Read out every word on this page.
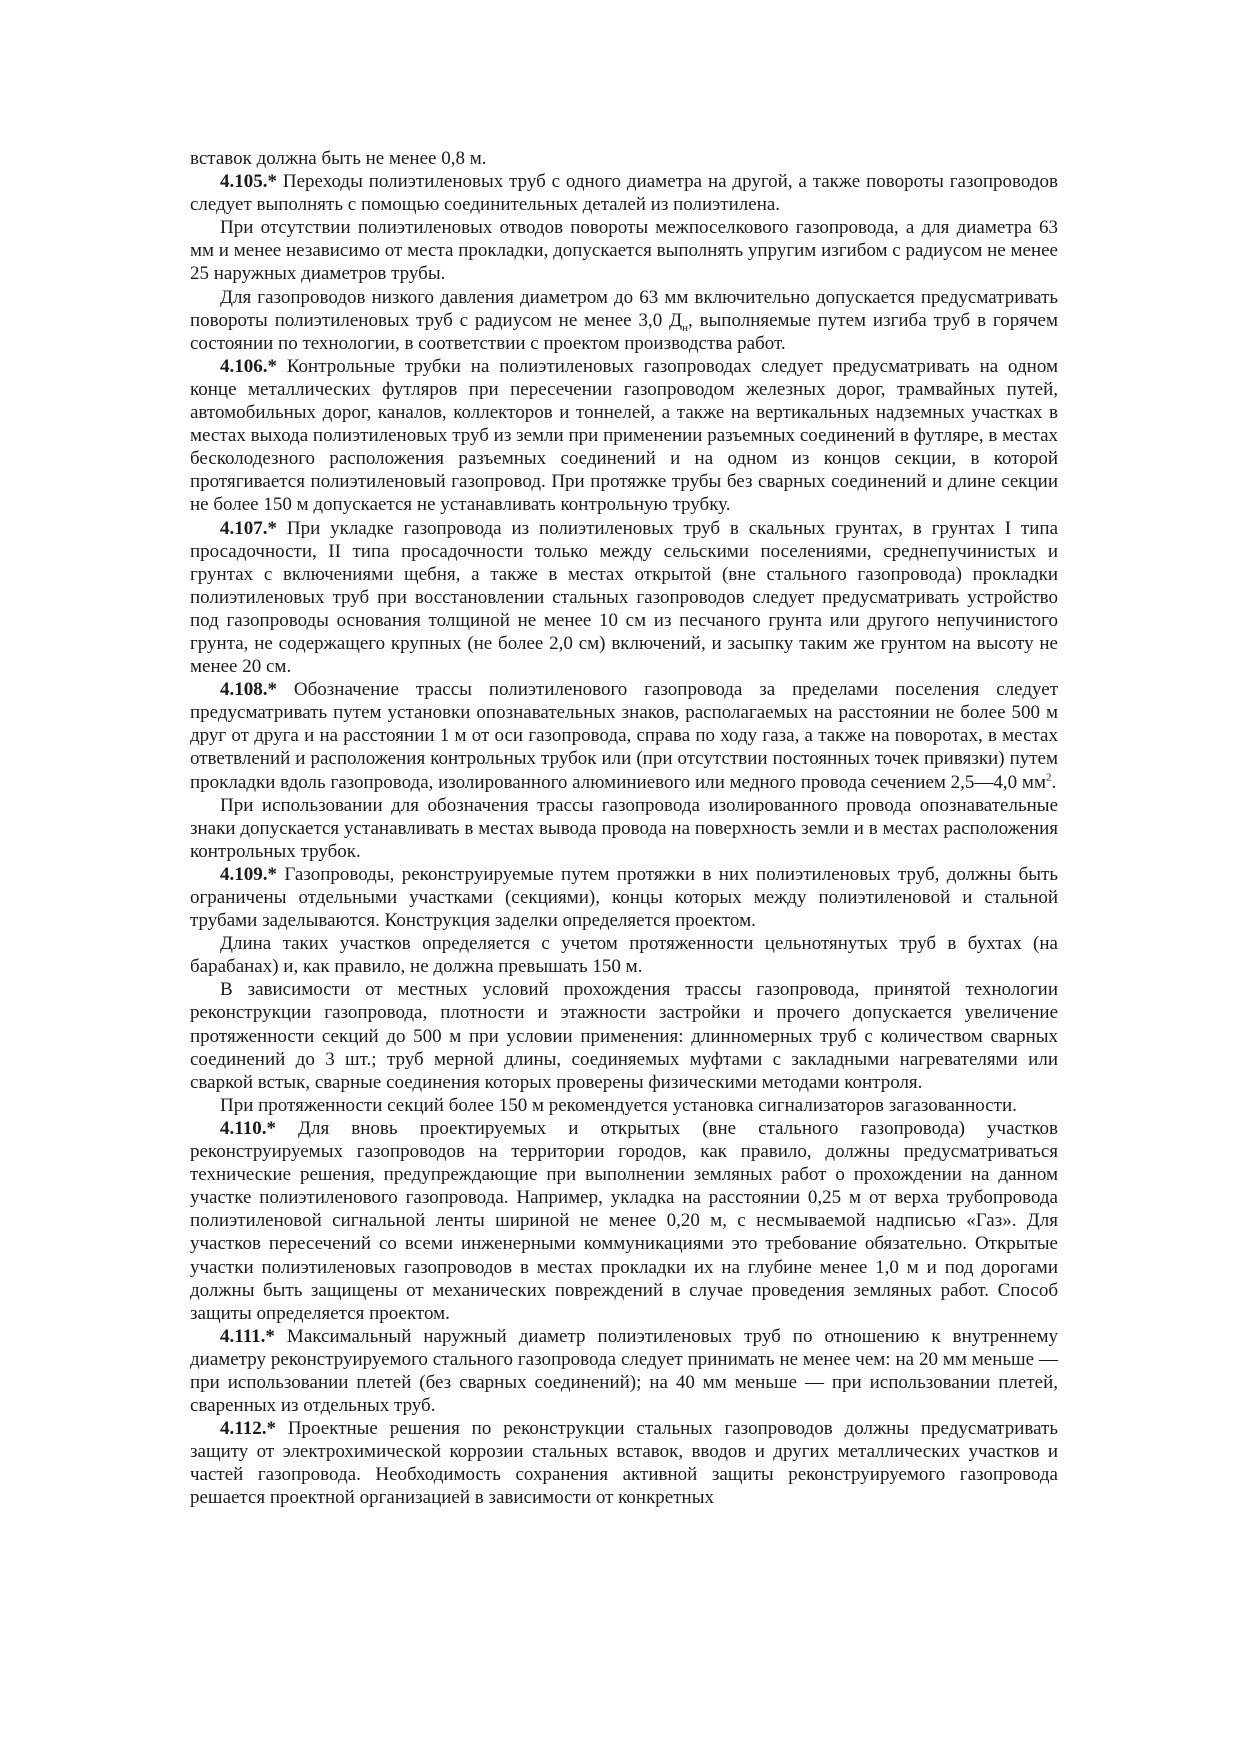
вставок должна быть не менее 0,8 м.

4.105.* Переходы полиэтиленовых труб с одного диаметра на другой, а также повороты газопроводов следует выполнять с помощью соединительных деталей из полиэтилена.

При отсутствии полиэтиленовых отводов повороты межпоселкового газопровода, а для диаметра 63 мм и менее независимо от места прокладки, допускается выполнять упругим изгибом с радиусом не менее 25 наружных диаметров трубы.

Для газопроводов низкого давления диаметром до 63 мм включительно допускается предусматривать повороты полиэтиленовых труб с радиусом не менее 3,0 $Д_н$, выполняемые путем изгиба труб в горячем состоянии по технологии, в соответствии с проектом производства работ.

4.106.* Контрольные трубки на полиэтиленовых газопроводах следует предусматривать на одном конце металлических футляров при пересечении газопроводом железных дорог, трамвайных путей, автомобильных дорог, каналов, коллекторов и тоннелей, а также на вертикальных надземных участках в местах выхода полиэтиленовых труб из земли при применении разъемных соединений в футляре, в местах бесколодезного расположения разъемных соединений и на одном из концов секции, в которой протягивается полиэтиленовый газопровод. При протяжке трубы без сварных соединений и длине секции не более 150 м допускается не устанавливать контрольную трубку.

4.107.* При укладке газопровода из полиэтиленовых труб в скальных грунтах, в грунтах I типа просадочности, II типа просадочности только между сельскими поселениями, среднепучинистых и грунтах с включениями щебня, а также в местах открытой (вне стального газопровода) прокладки полиэтиленовых труб при восстановлении стальных газопроводов следует предусматривать устройство под газопроводы основания толщиной не менее 10 см из песчаного грунта или другого непучинистого грунта, не содержащего крупных (не более 2,0 см) включений, и засыпку таким же грунтом на высоту не менее 20 см.

4.108.* Обозначение трассы полиэтиленового газопровода за пределами поселения следует предусматривать путем установки опознавательных знаков, располагаемых на расстоянии не более 500 м друг от друга и на расстоянии 1 м от оси газопровода, справа по ходу газа, а также на поворотах, в местах ответвлений и расположения контрольных трубок или (при отсутствии постоянных точек привязки) путем прокладки вдоль газопровода, изолированного алюминиевого или медного провода сечением 2,5—4,0 $мм^2$.

При использовании для обозначения трассы газопровода изолированного провода опознавательные знаки допускается устанавливать в местах вывода провода на поверхность земли и в местах расположения контрольных трубок.

4.109.* Газопроводы, реконструируемые путем протяжки в них полиэтиленовых труб, должны быть ограничены отдельными участками (секциями), концы которых между полиэтиленовой и стальной трубами заделываются. Конструкция заделки определяется проектом.

Длина таких участков определяется с учетом протяженности цельнотянутых труб в бухтах (на барабанах) и, как правило, не должна превышать 150 м.

В зависимости от местных условий прохождения трассы газопровода, принятой технологии реконструкции газопровода, плотности и этажности застройки и прочего допускается увеличение протяженности секций до 500 м при условии применения: длинномерных труб с количеством сварных соединений до 3 шт.; труб мерной длины, соединяемых муфтами с закладными нагревателями или сваркой встык, сварные соединения которых проверены физическими методами контроля.

При протяженности секций более 150 м рекомендуется установка сигнализаторов загазованности.

4.110.* Для вновь проектируемых и открытых (вне стального газопровода) участков реконструируемых газопроводов на территории городов, как правило, должны предусматриваться технические решения, предупреждающие при выполнении земляных работ о прохождении на данном участке полиэтиленового газопровода. Например, укладка на расстоянии 0,25 м от верха трубопровода полиэтиленовой сигнальной ленты шириной не менее 0,20 м, с несмываемой надписью «Газ». Для участков пересечений со всеми инженерными коммуникациями это требование обязательно. Открытые участки полиэтиленовых газопроводов в местах прокладки их на глубине менее 1,0 м и под дорогами должны быть защищены от механических повреждений в случае проведения земляных работ. Способ защиты определяется проектом.

4.111.* Максимальный наружный диаметр полиэтиленовых труб по отношению к внутреннему диаметру реконструируемого стального газопровода следует принимать не менее чем: на 20 мм меньше — при использовании плетей (без сварных соединений); на 40 мм меньше — при использовании плетей, сваренных из отдельных труб.

4.112.* Проектные решения по реконструкции стальных газопроводов должны предусматривать защиту от электрохимической коррозии стальных вставок, вводов и других металлических участков и частей газопровода. Необходимость сохранения активной защиты реконструируемого газопровода решается проектной организацией в зависимости от конкретных
